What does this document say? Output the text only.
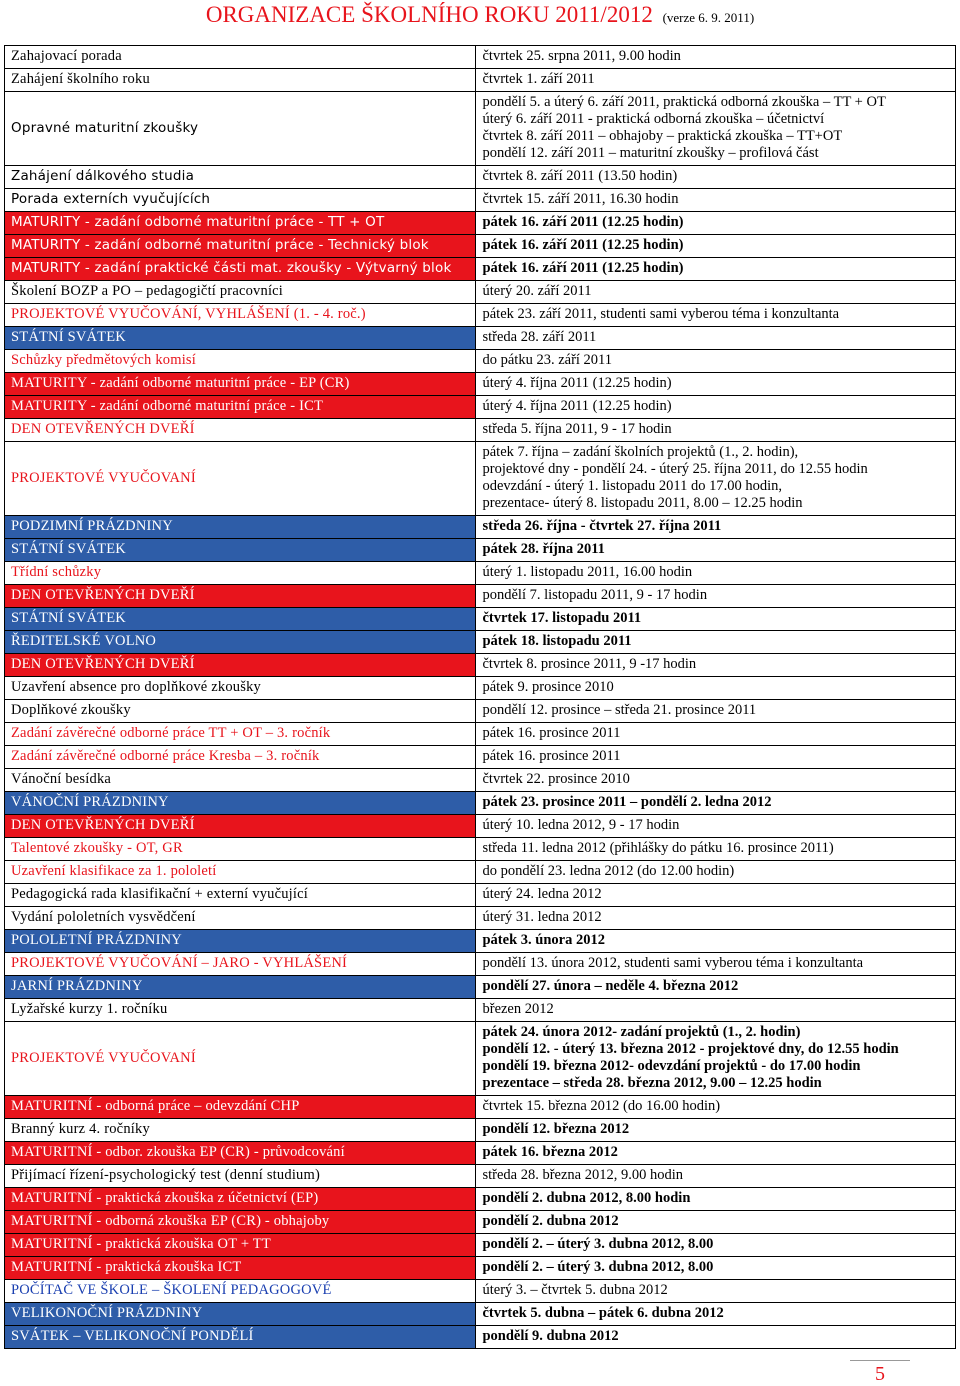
ORGANIZACE ŠKOLNÍHO ROKU 2011/2012 (verze 6. 9. 2011)
Zahajovací porada	čtvrtek 25. srpna 2011, 9.00 hodin

Zahájení školního roku	čtvrtek 1. září 2011

Opravné maturitní zkoušky	pondělí 5. a úterý 6. září 2011, praktická odborná zkouška – TT + OT
úterý 6. září 2011 - praktická odborná zkouška – účetnictví
čtvrtek 8. září 2011 – obhajoby – praktická zkouška – TT+OT
pondělí 12. září 2011 – maturitní zkoušky – profilová část

Zahájení dálkového studia	čtvrtek 8. září 2011 (13.50 hodin)

Porada externích vyučujících	čtvrtek 15. září 2011, 16.30 hodin

MATURITY - zadání odborné maturitní práce - TT + OT	pátek 16. září 2011 (12.25 hodin)

MATURITY - zadání odborné maturitní práce - Technický blok	pátek 16. září 2011 (12.25 hodin)

MATURITY - zadání praktické části mat. zkoušky - Výtvarný blok	pátek 16. září 2011 (12.25 hodin)

Školení BOZP a PO – pedagogičtí pracovníci	úterý 20. září 2011

PROJEKTOVÉ VYUČOVÁNÍ, VYHLÁŠENÍ (1. - 4. roč.)	pátek 23. září 2011, studenti sami vyberou téma i konzultanta

STÁTNÍ SVÁTEK	středa 28. září 2011

Schůzky předmětových komisí	do pátku 23. září 2011

MATURITY - zadání odborné maturitní práce - EP (CR)	úterý 4. října 2011 (12.25 hodin)

MATURITY - zadání odborné maturitní práce - ICT	úterý 4. října 2011 (12.25 hodin)

DEN OTEVŘENÝCH DVEŘÍ	středa 5. října 2011, 9 - 17 hodin

PROJEKTOVÉ VYUČOVANÍ	pátek 7. října – zadání školních projektů (1., 2. hodin),
projektové dny - pondělí 24. - úterý 25. října 2011, do 12.55 hodin
odevzdání - úterý 1. listopadu 2011 do 17.00 hodin,
prezentace- úterý 8. listopadu 2011, 8.00 – 12.25 hodin

PODZIMNÍ PRÁZDNINY	středa 26. října - čtvrtek 27. října 2011

STÁTNÍ SVÁTEK	pátek 28. října 2011

Třídní schůzky	úterý 1. listopadu 2011, 16.00 hodin

DEN OTEVŘENÝCH DVEŘÍ	pondělí 7. listopadu 2011, 9 - 17 hodin

STÁTNÍ SVÁTEK	čtvrtek 17. listopadu 2011

ŘEDITELSKÉ VOLNO	pátek 18. listopadu 2011

DEN OTEVŘENÝCH DVEŘÍ	čtvrtek 8. prosince 2011, 9 -17 hodin

Uzavření absence pro doplňkové zkoušky	pátek 9. prosince 2010

Doplňkové zkoušky	pondělí 12. prosince – středa 21. prosince 2011

Zadání závěrečné odborné práce TT + OT – 3. ročník	pátek 16. prosince 2011

Zadání závěrečné odborné práce Kresba – 3. ročník	pátek 16. prosince 2011

Vánoční besídka	čtvrtek 22. prosince 2010

VÁNOČNÍ PRÁZDNINY	pátek 23. prosince 2011 – pondělí 2. ledna 2012

DEN OTEVŘENÝCH DVEŘÍ	úterý 10. ledna 2012, 9 - 17 hodin

Talentové zkoušky - OT, GR	středa 11. ledna 2012 (přihlášky do pátku 16. prosince 2011)

Uzavření klasifikace za 1. pololetí	do pondělí 23. ledna 2012 (do 12.00 hodin)

Pedagogická rada klasifikační + externí vyučující	úterý 24. ledna 2012

Vydání pololetních vysvědčení	úterý 31. ledna 2012

POLOLETNÍ PRÁZDNINY	pátek 3. února 2012

PROJEKTOVÉ VYUČOVÁNÍ – JARO - VYHLÁŠENÍ	pondělí 13. února 2012, studenti sami vyberou téma i konzultanta

JARNÍ PRÁZDNINY	pondělí 27. února – neděle 4. března 2012

Lyžařské kurzy 1. ročníku	březen 2012

PROJEKTOVÉ VYUČOVANÍ	pátek 24. února 2012- zadání projektů (1., 2. hodin)
pondělí 12. - úterý 13. března 2012 - projektové dny, do 12.55 hodin
pondělí 19. března 2012- odevzdání projektů - do 17.00 hodin
prezentace – středa 28. března 2012, 9.00 – 12.25 hodin

MATURITNÍ - odborná práce – odevzdání CHP	čtvrtek 15. března 2012 (do 16.00 hodin)

Branný kurz 4. ročníky	pondělí 12. března 2012

MATURITNÍ - odbor. zkouška EP (CR) - průvodcování	pátek 16. března 2012

Přijímací řízení-psychologický test (denní studium)	středa 28. března 2012, 9.00 hodin

MATURITNÍ - praktická zkouška z účetnictví (EP)	pondělí 2. dubna 2012, 8.00 hodin

MATURITNÍ - odborná zkouška EP (CR) - obhajoby	pondělí 2. dubna 2012

MATURITNÍ - praktická zkouška OT + TT	pondělí 2. – úterý 3. dubna 2012, 8.00

MATURITNÍ - praktická zkouška ICT	pondělí 2. – úterý 3. dubna 2012, 8.00

POČÍTAČ VE ŠKOLE – ŠKOLENÍ PEDAGOGOVÉ	úterý 3. – čtvrtek 5. dubna 2012

VELIKONOČNÍ PRÁZDNINY	čtvrtek 5. dubna – pátek 6. dubna 2012

SVÁTEK – VELIKONOČNÍ PONDĚLÍ	pondělí 9. dubna 2012
5
